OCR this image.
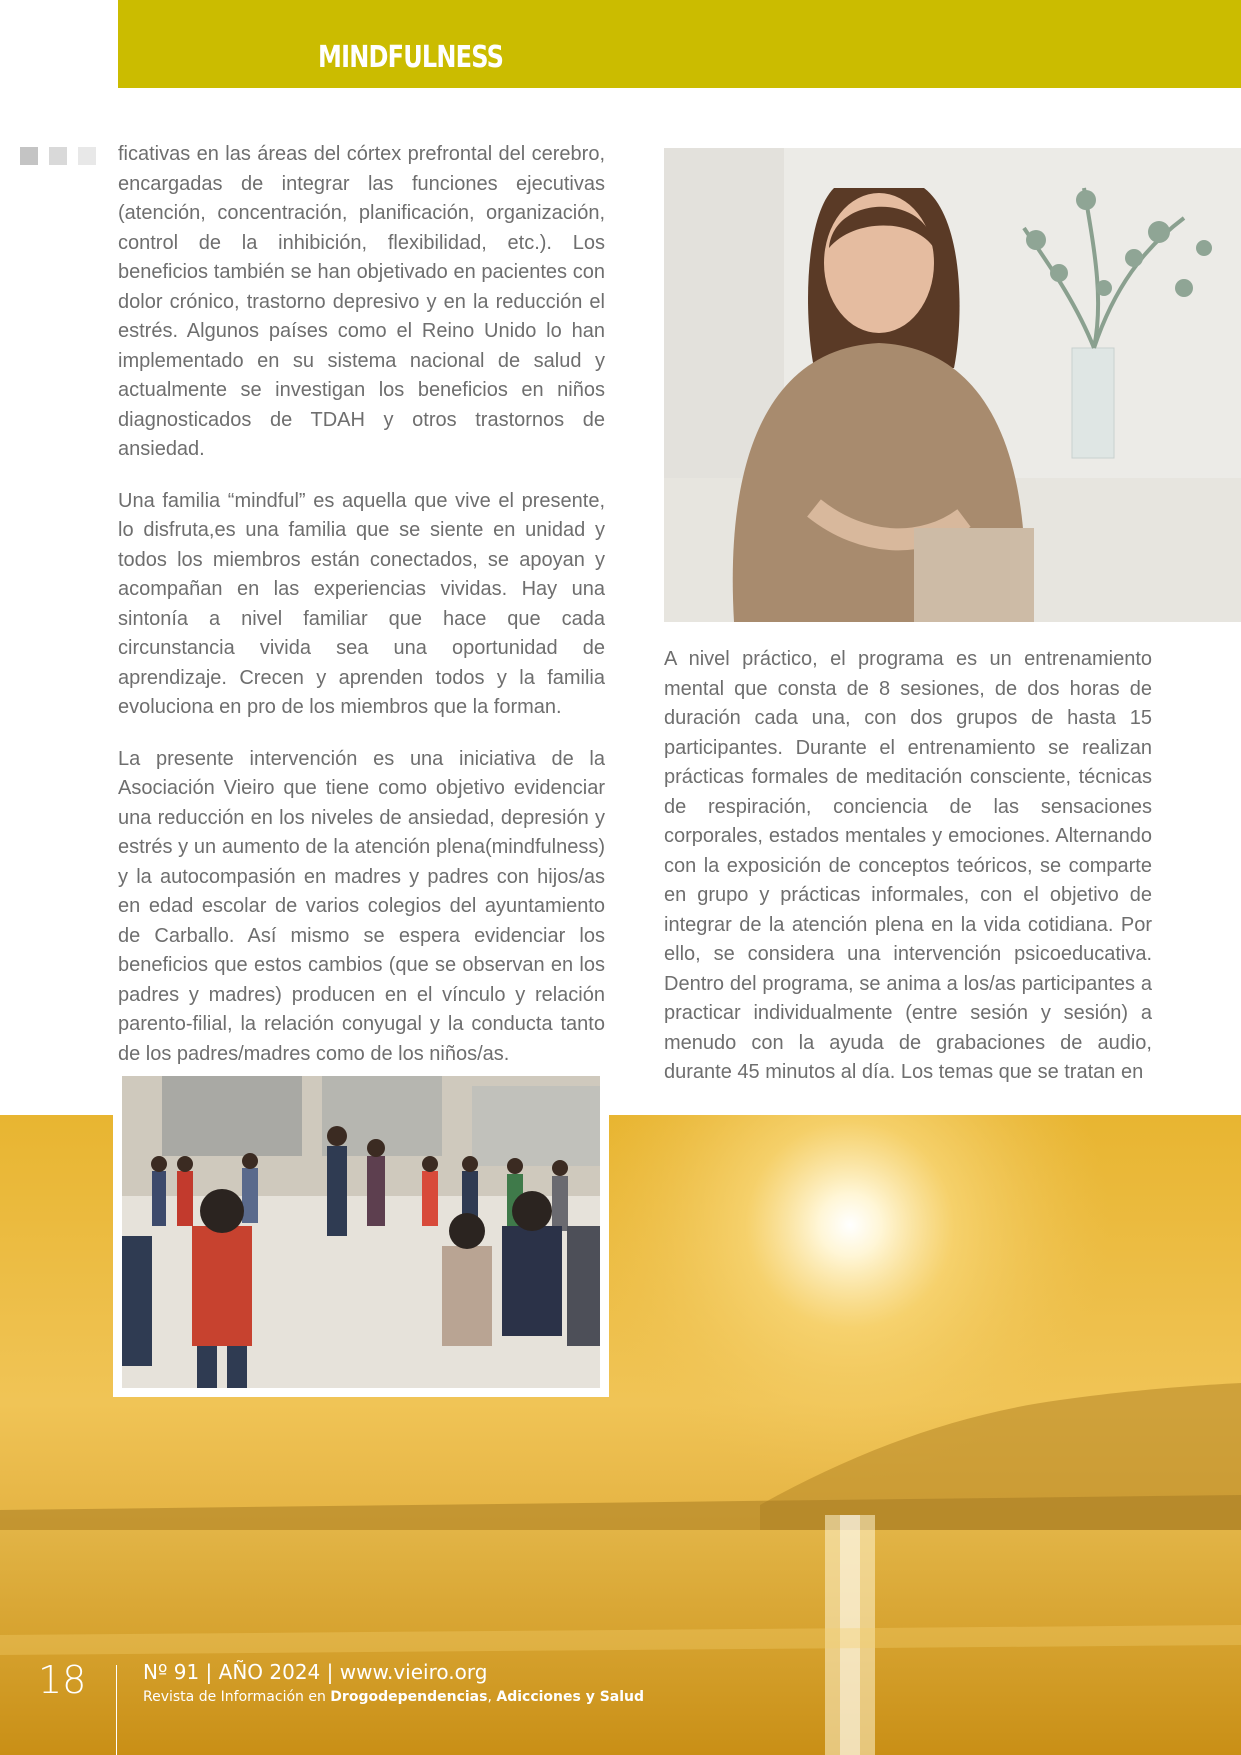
MINDFULNESS

ficativas en las áreas del córtex prefrontal del cerebro, encargadas de integrar las funciones ejecutivas (atención, concentración, planificación, organización, control de la inhibición, flexibilidad, etc.). Los beneficios también se han objetivado en pacientes con dolor crónico, trastorno depresivo y en la reducción el estrés. Algunos países como el Reino Unido lo han implementado en su sistema nacional de salud y actualmente se investigan los beneficios en niños diagnosticados de TDAH y otros trastornos de ansiedad.

Una familia “mindful” es aquella que vive el presente, lo disfruta,es una familia que se siente en unidad y todos los miembros están conectados, se apoyan y acompañan en las experiencias vividas. Hay una sintonía a nivel familiar que hace que cada circunstancia vivida sea una oportunidad de aprendizaje. Crecen y aprenden todos y la familia evoluciona en pro de los miembros que la forman.

La presente intervención es una iniciativa de la Asociación Vieiro que tiene como objetivo evidenciar una reducción en los niveles de ansiedad, depresión y estrés y un aumento de la atención plena(mindfulness) y la autocompasión en madres y padres con hijos/as en edad escolar de varios colegios del ayuntamiento de Carballo. Así mismo se espera evidenciar los beneficios que estos cambios (que se observan en los padres y madres) producen en el vínculo y relación parento-filial, la relación conyugal y la conducta tanto de los padres/madres como de los niños/as.

A nivel práctico, el programa es un entrenamiento mental que consta de 8 sesiones, de dos horas de duración cada una, con dos grupos de hasta 15 participantes. Durante el entrenamiento se realizan prácticas formales de meditación consciente, técnicas de respiración, conciencia de las sensaciones corporales, estados mentales y emociones. Alternando con la exposición de conceptos teóricos, se comparte en grupo y prácticas informales, con el objetivo de integrar de la atención plena en la vida cotidiana. Por ello, se considera una intervención psicoeducativa. Dentro del programa, se anima a los/as participantes a practicar individualmente (entre sesión y sesión) a menudo con la ayuda de grabaciones de audio, durante 45 minutos al día. Los temas que se tratan en

18	Nº 91 | AÑO 2024 | www.vieiro.org
Revista de Información en Drogodependencias, Adicciones y Salud
